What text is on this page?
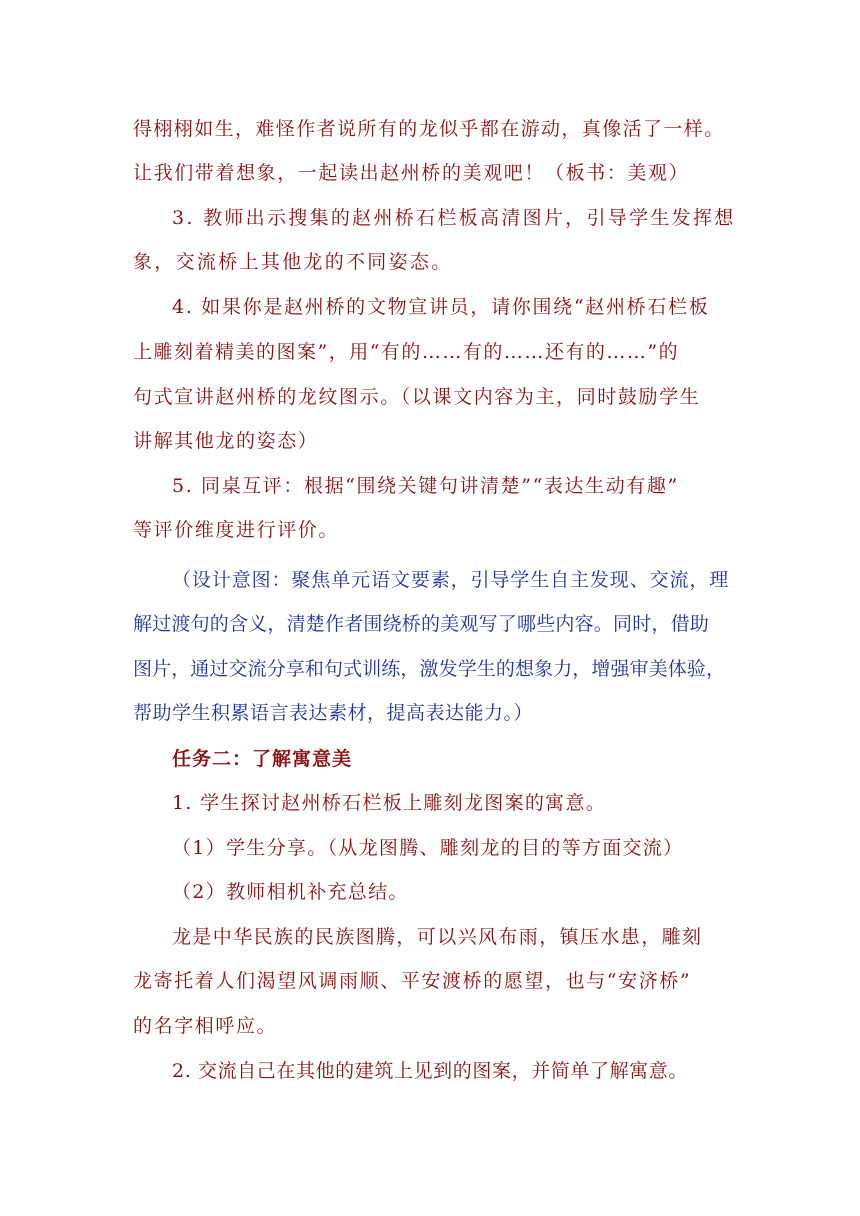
得栩栩如生，难怪作者说所有的龙似乎都在游动，真像活了一样。
让我们带着想象，一起读出赵州桥的美观吧！（板书：美观）
3. 教师出示搜集的赵州桥石栏板高清图片，引导学生发挥想
象，交流桥上其他龙的不同姿态。
4. 如果你是赵州桥的文物宣讲员，请你围绕“赵州桥石栏板
上雕刻着精美的图案”，用“有的……有的……还有的……”的
句式宣讲赵州桥的龙纹图示。（以课文内容为主，同时鼓励学生
讲解其他龙的姿态）
5. 同桌互评：根据“围绕关键句讲清楚”“表达生动有趣”
等评价维度进行评价。
（设计意图：聚焦单元语文要素，引导学生自主发现、交流，理
解过渡句的含义，清楚作者围绕桥的美观写了哪些内容。同时，借助
图片，通过交流分享和句式训练，激发学生的想象力，增强审美体验，
帮助学生积累语言表达素材，提高表达能力。）
任务二：了解寓意美
1. 学生探讨赵州桥石栏板上雕刻龙图案的寓意。
（1）学生分享。（从龙图腾、雕刻龙的目的等方面交流）
（2）教师相机补充总结。
龙是中华民族的民族图腾，可以兴风布雨，镇压水患，雕刻
龙寄托着人们渴望风调雨顺、平安渡桥的愿望，也与“安济桥”
的名字相呼应。
2. 交流自己在其他的建筑上见到的图案，并简单了解寓意。
